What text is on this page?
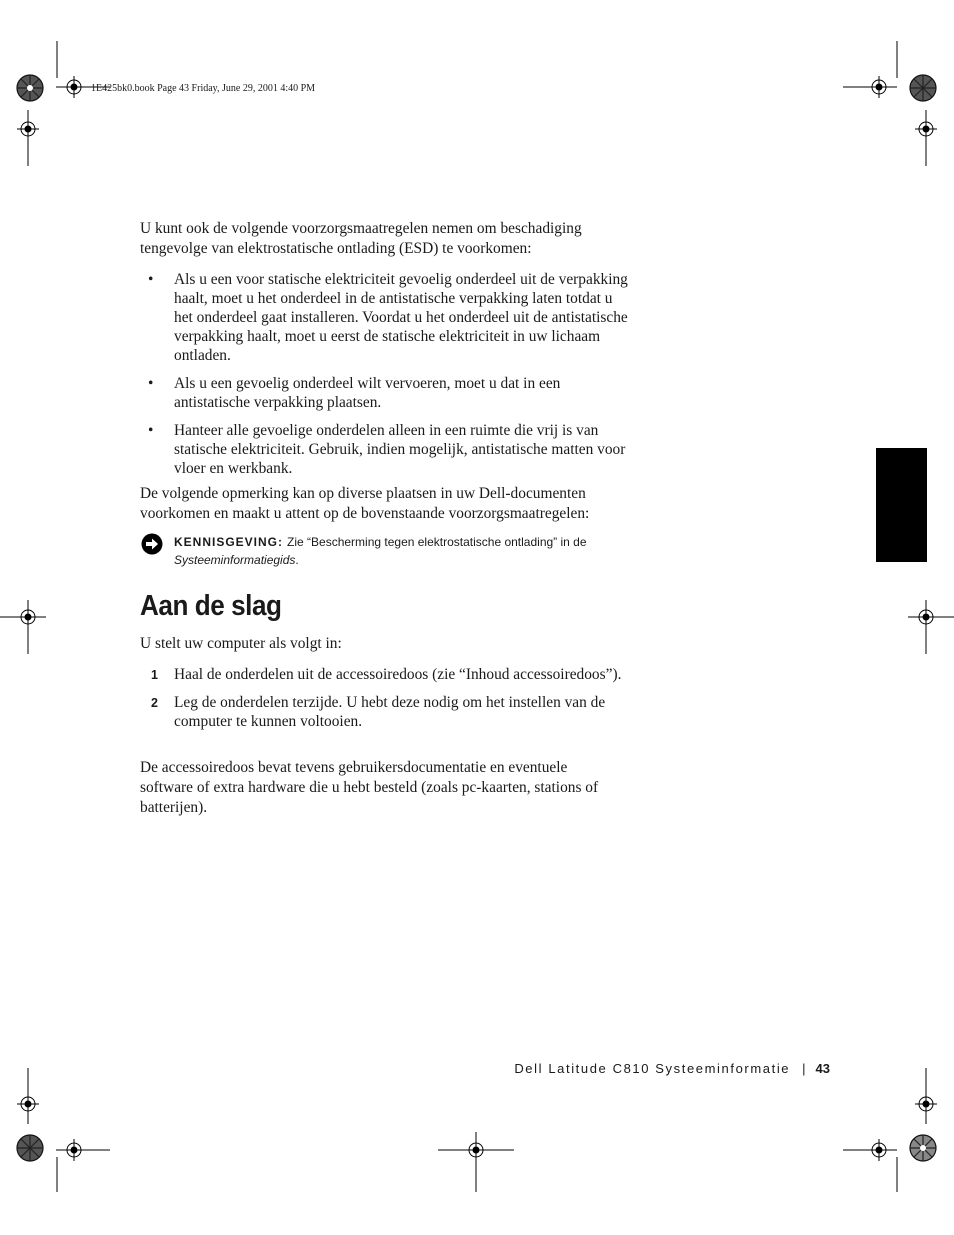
1E425bk0.book Page 43 Friday, June 29, 2001 4:40 PM

U kunt ook de volgende voorzorgsmaatregelen nemen om beschadiging tengevolge van elektrostatische ontlading (ESD) te voorkomen:

• Als u een voor statische elektriciteit gevoelig onderdeel uit de verpakking haalt, moet u het onderdeel in de antistatische verpakking laten totdat u het onderdeel gaat installeren. Voordat u het onderdeel uit de antistatische verpakking haalt, moet u eerst de statische elektriciteit in uw lichaam ontladen.
• Als u een gevoelig onderdeel wilt vervoeren, moet u dat in een antistatische verpakking plaatsen.
• Hanteer alle gevoelige onderdelen alleen in een ruimte die vrij is van statische elektriciteit. Gebruik, indien mogelijk, antistatische matten voor vloer en werkbank.

De volgende opmerking kan op diverse plaatsen in uw Dell-documenten voorkomen en maakt u attent op de bovenstaande voorzorgsmaatregelen:

KENNISGEVING: Zie “Bescherming tegen elektrostatische ontlading” in de Systeeminformatiegids.
Aan de slag

U stelt uw computer als volgt in:

1 Haal de onderdelen uit de accessoiredoos (zie “Inhoud accessoiredoos”).
2 Leg de onderdelen terzijde. U hebt deze nodig om het instellen van de computer te kunnen voltooien.

De accessoiredoos bevat tevens gebruikersdocumentatie en eventuele software of extra hardware die u hebt besteld (zoals pc-kaarten, stations of batterijen).

Dell Latitude C810 Systeeminformatie | 43
